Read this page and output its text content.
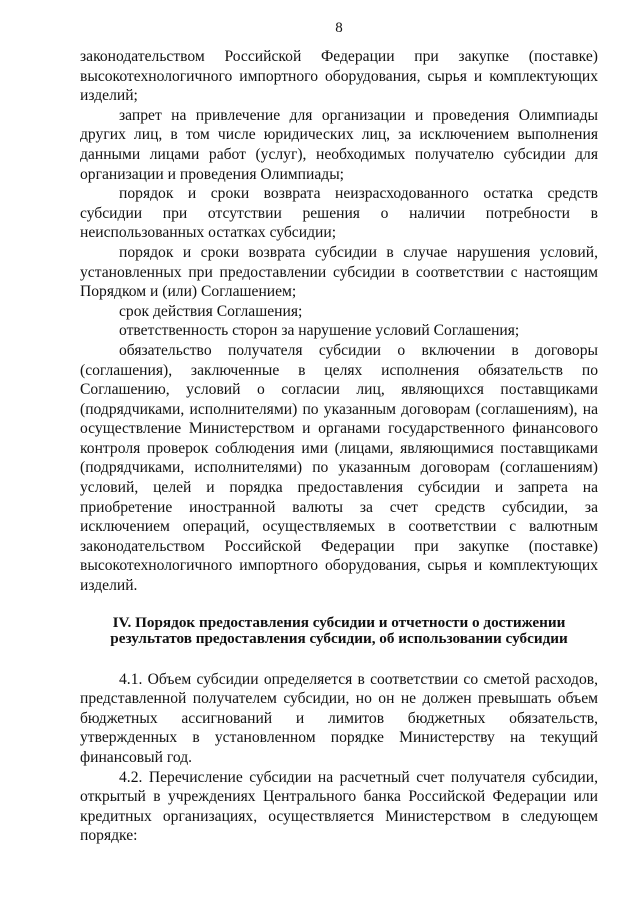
8

законодательством Российской Федерации при закупке (поставке) высокотехнологичного импортного оборудования, сырья и комплектующих изделий;

запрет на привлечение для организации и проведения Олимпиады других лиц, в том числе юридических лиц, за исключением выполнения данными лицами работ (услуг), необходимых получателю субсидии для организации и проведения Олимпиады;

порядок и сроки возврата неизрасходованного остатка средств субсидии при отсутствии решения о наличии потребности в неиспользованных остатках субсидии;

порядок и сроки возврата субсидии в случае нарушения условий, установленных при предоставлении субсидии в соответствии с настоящим Порядком и (или) Соглашением;

срок действия Соглашения;

ответственность сторон за нарушение условий Соглашения;

обязательство получателя субсидии о включении в договоры (соглашения), заключенные в целях исполнения обязательств по Соглашению, условий о согласии лиц, являющихся поставщиками (подрядчиками, исполнителями) по указанным договорам (соглашениям), на осуществление Министерством и органами государственного финансового контроля проверок соблюдения ими (лицами, являющимися поставщиками (подрядчиками, исполнителями) по указанным договорам (соглашениям) условий, целей и порядка предоставления субсидии и запрета на приобретение иностранной валюты за счет средств субсидии, за исключением операций, осуществляемых в соответствии с валютным законодательством Российской Федерации при закупке (поставке) высокотехнологичного импортного оборудования, сырья и комплектующих изделий.

IV. Порядок предоставления субсидии и отчетности о достижении
результатов предоставления субсидии, об использовании субсидии

4.1. Объем субсидии определяется в соответствии со сметой расходов, представленной получателем субсидии, но он не должен превышать объем бюджетных ассигнований и лимитов бюджетных обязательств, утвержденных в установленном порядке Министерству на текущий финансовый год.

4.2. Перечисление субсидии на расчетный счет получателя субсидии, открытый в учреждениях Центрального банка Российской Федерации или кредитных организациях, осуществляется Министерством в следующем порядке:
